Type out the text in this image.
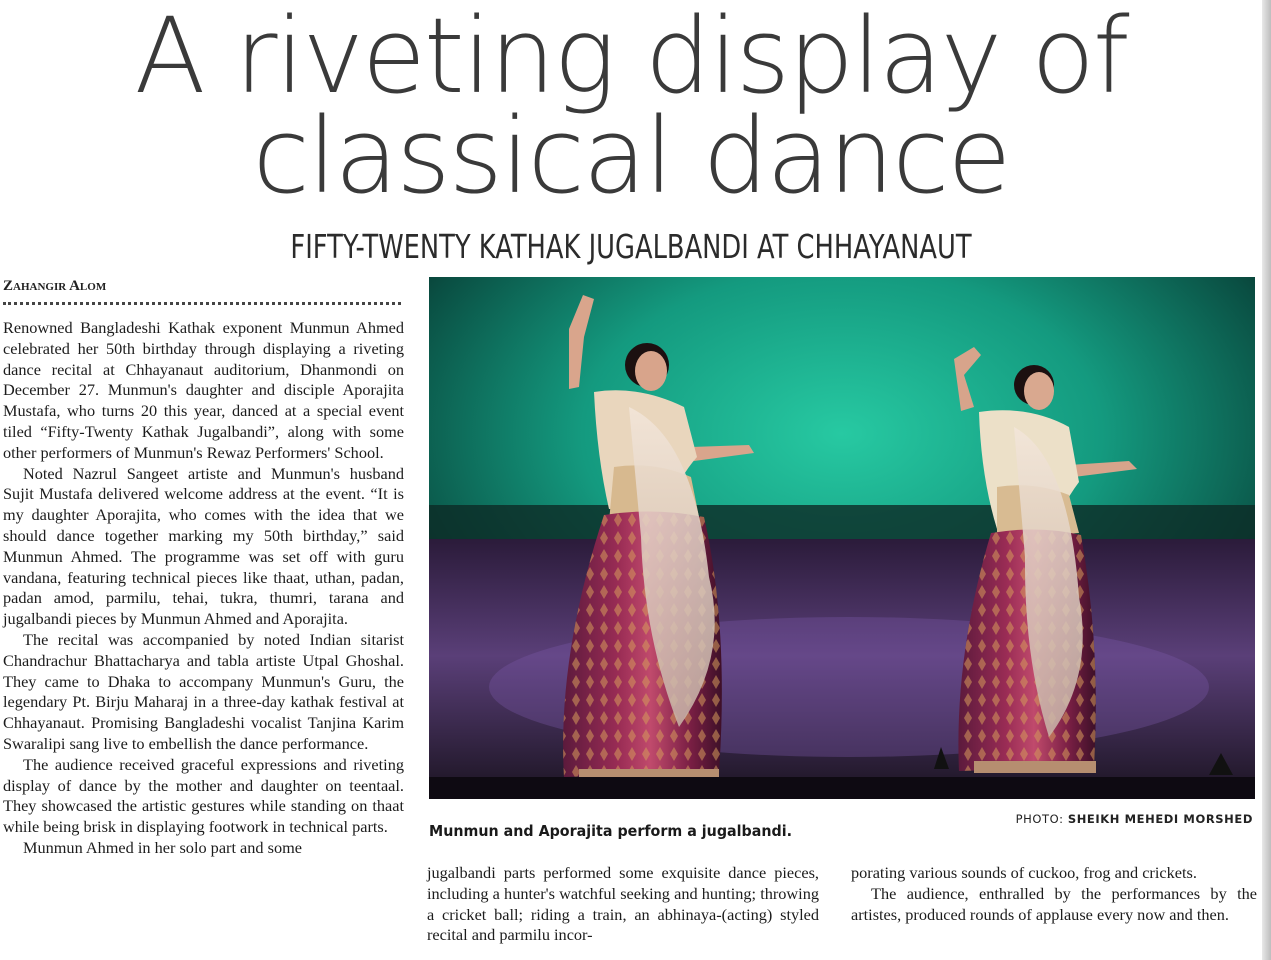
A riveting display of
classical dance
FIFTY-TWENTY KATHAK JUGALBANDI AT CHHAYANAUT
Zahangir Alom

Renowned Bangladeshi Kathak exponent Munmun Ahmed celebrated her 50th birthday through displaying a riveting dance recital at Chhayanaut auditorium, Dhanmondi on December 27. Munmun's daughter and disciple Aporajita Mustafa, who turns 20 this year, danced at a special event tiled “Fifty-Twenty Kathak Jugalbandi”, along with some other performers of Munmun's Rewaz Performers' School.

Noted Nazrul Sangeet artiste and Munmun's husband Sujit Mustafa delivered welcome address at the event. “It is my daughter Aporajita, who comes with the idea that we should dance together marking my 50th birthday,” said Munmun Ahmed. The programme was set off with guru vandana, featuring technical pieces like thaat, uthan, padan, padan amod, parmilu, tehai, tukra, thumri, tarana and jugalbandi pieces by Munmun Ahmed and Aporajita.

The recital was accompanied by noted Indian sitarist Chandrachur Bhattacharya and tabla artiste Utpal Ghoshal. They came to Dhaka to accompany Munmun's Guru, the legendary Pt. Birju Maharaj in a three-day kathak festival at Chhayanaut. Promising Bangladeshi vocalist Tanjina Karim Swaralipi sang live to embellish the dance performance.

The audience received graceful expressions and riveting display of dance by the mother and daughter on teentaal. They showcased the artistic gestures while standing on thaat while being brisk in displaying footwork in technical parts.

Munmun Ahmed in her solo part and some

PHOTO: SHEIKH MEHEDI MORSHED
Munmun and Aporajita perform a jugalbandi.

jugalbandi parts performed some exquisite dance pieces, including a hunter's watchful seeking and hunting; throwing a cricket ball; riding a train, an abhinaya-(acting) styled recital and parmilu incor-

porating various sounds of cuckoo, frog and crickets.

The audience, enthralled by the performances by the artistes, produced rounds of applause every now and then.
